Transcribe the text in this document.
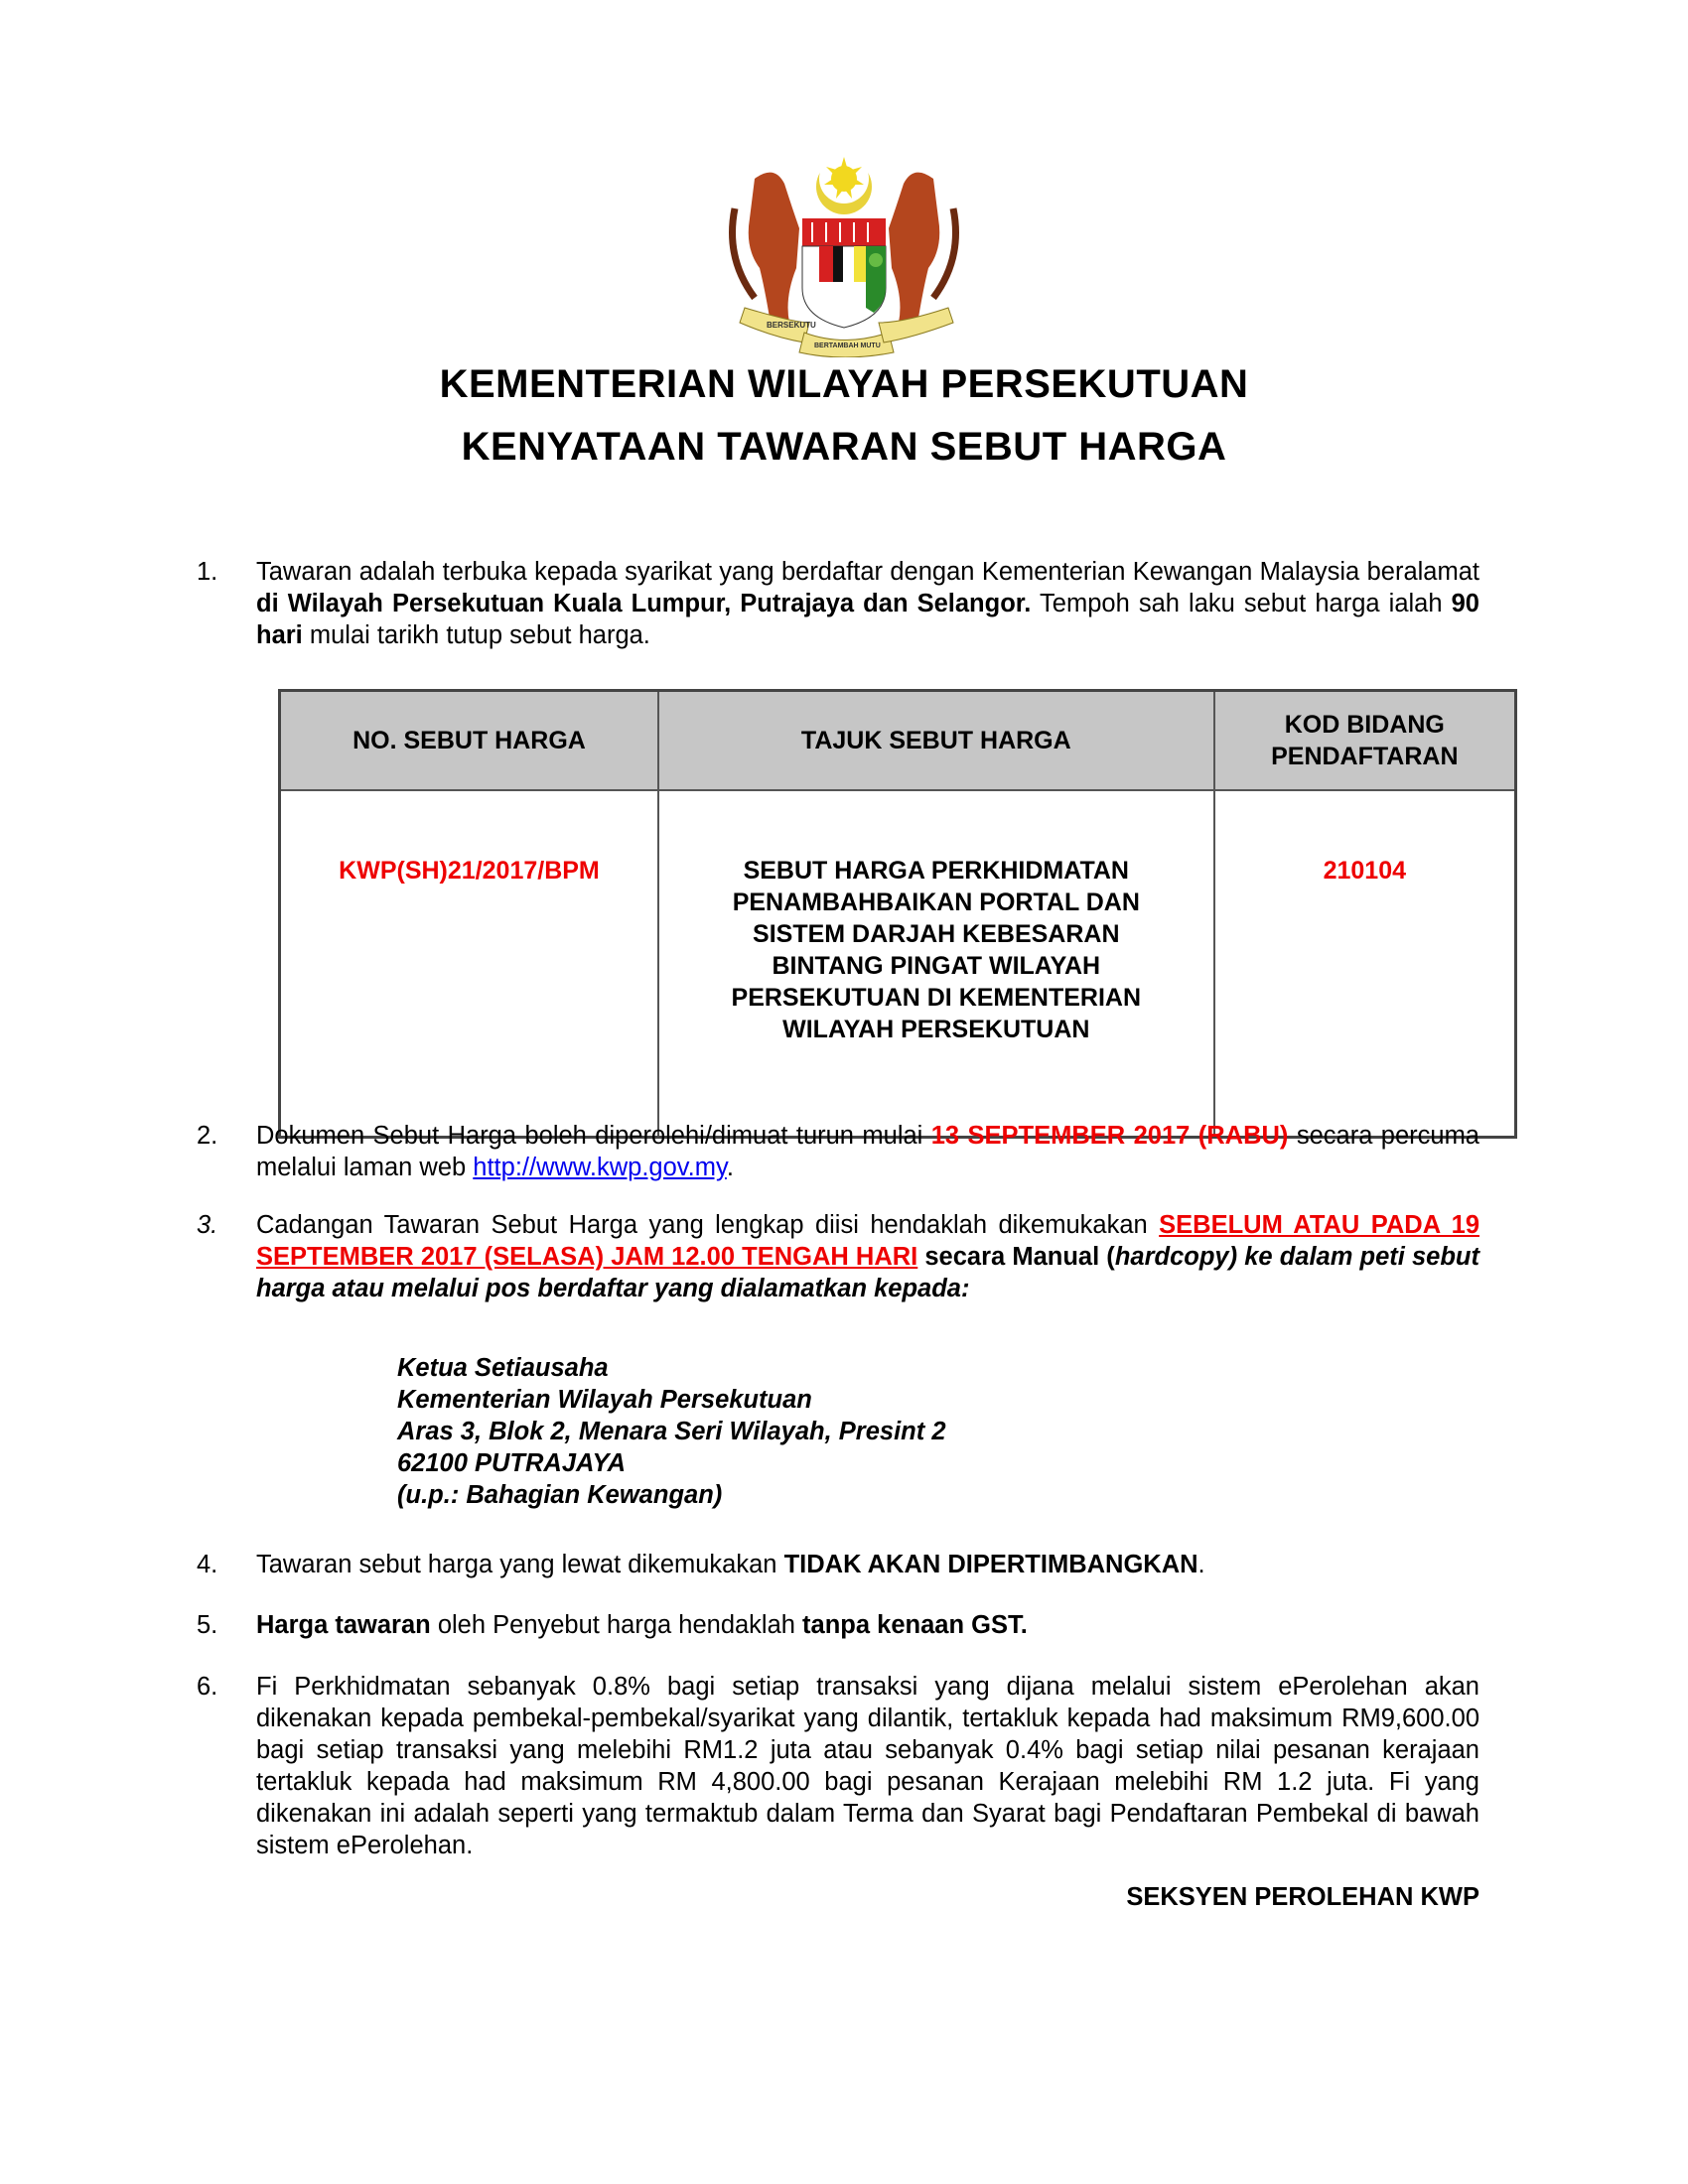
BERSEKUTU
BERTAMBAH MUTU
KEMENTERIAN WILAYAH PERSEKUTUAN
KENYATAAN TAWARAN SEBUT HARGA
1. Tawaran adalah terbuka kepada syarikat yang berdaftar dengan Kementerian Kewangan Malaysia beralamat di Wilayah Persekutuan Kuala Lumpur, Putrajaya dan Selangor. Tempoh sah laku sebut harga ialah 90 hari mulai tarikh tutup sebut harga.
NO. SEBUT HARGA	TAJUK SEBUT HARGA	KOD BIDANG PENDAFTARAN

KWP(SH)21/2017/BPM	SEBUT HARGA PERKHIDMATAN PENAMBAHBAIKAN PORTAL DAN SISTEM DARJAH KEBESARAN BINTANG PINGAT WILAYAH PERSEKUTUAN DI KEMENTERIAN WILAYAH PERSEKUTUAN	210104
2. Dokumen Sebut Harga boleh diperolehi/dimuat turun mulai 13 SEPTEMBER 2017 (RABU) secara percuma melalui laman web http://www.kwp.gov.my.
3. Cadangan Tawaran Sebut Harga yang lengkap diisi hendaklah dikemukakan SEBELUM ATAU PADA 19 SEPTEMBER 2017 (SELASA) JAM 12.00 TENGAH HARI secara Manual (hardcopy) ke dalam peti sebut harga atau melalui pos berdaftar yang dialamatkan kepada:
Ketua Setiausaha
Kementerian Wilayah Persekutuan
Aras 3, Blok 2, Menara Seri Wilayah, Presint 2
62100 PUTRAJAYA
(u.p.: Bahagian Kewangan)
4. Tawaran sebut harga yang lewat dikemukakan TIDAK AKAN DIPERTIMBANGKAN.
5. Harga tawaran oleh Penyebut harga hendaklah tanpa kenaan GST.
6. Fi Perkhidmatan sebanyak 0.8% bagi setiap transaksi yang dijana melalui sistem ePerolehan akan dikenakan kepada pembekal-pembekal/syarikat yang dilantik, tertakluk kepada had maksimum RM9,600.00 bagi setiap transaksi yang melebihi RM1.2 juta atau sebanyak 0.4% bagi setiap nilai pesanan kerajaan tertakluk kepada had maksimum RM 4,800.00 bagi pesanan Kerajaan melebihi RM 1.2 juta. Fi yang dikenakan ini adalah seperti yang termaktub dalam Terma dan Syarat bagi Pendaftaran Pembekal di bawah sistem ePerolehan.
SEKSYEN PEROLEHAN KWP
